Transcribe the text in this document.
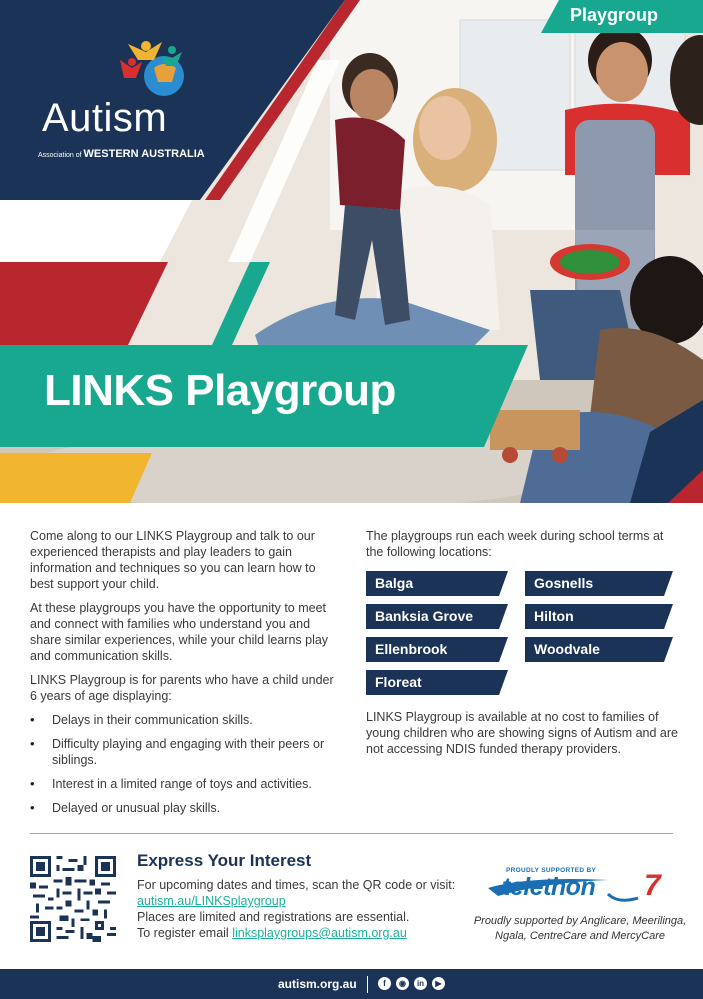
Playgroup
Autism
Association of WESTERN AUSTRALIA
LINKS Playgroup

Come along to our LINKS Playgroup and talk to our experienced therapists and play leaders to gain information and techniques so you can learn how to best support your child.

At these playgroups you have the opportunity to meet and connect with families who understand you and share similar experiences, while your child learns play and communication skills.

LINKS Playgroup is for parents who have a child under 6 years of age displaying:

• Delays in their communication skills.
• Difficulty playing and engaging with their peers or siblings.
• Interest in a limited range of toys and activities.
• Delayed or unusual play skills.

The playgroups run each week during school terms at the following locations:

Balga	Gosnells
Banksia Grove	Hilton
Ellenbrook	Woodvale
Floreat
LINKS Playgroup is available at no cost to families of young children who are showing signs of Autism and are not accessing NDIS funded therapy providers.
Express Your Interest
For upcoming dates and times, scan the QR code or visit:
autism.au/LINKSplaygroup
Places are limited and registrations are essential.
To register email linksplaygroups@autism.org.au
PROUDLY SUPPORTED BY
telethon 7
Proudly supported by Anglicare, Meerilinga, Ngala, CentreCare and MercyCare
autism.org.au	f	◉	in	▶
